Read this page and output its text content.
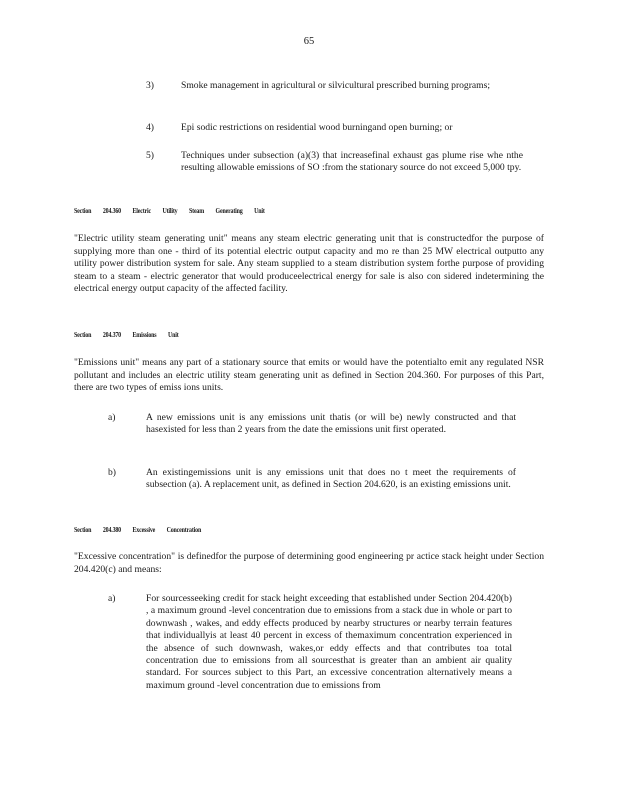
65
3)	Smoke management in agricultural or silvicultural prescribed burning programs;
4)	Epi sodic restrictions on residential wood burningand open burning; or
5)	Techniques under subsection (a)(3) that increasefinal exhaust gas plume rise whe nthe resulting allowable emissions of SO :from the stationary source do not exceed 5,000 tpy.
Section 204.360 Electric Utility Steam Generating Unit
"Electric utility steam generating unit" means any steam electric generating unit that is constructedfor the purpose of supplying more than one - third of its potential electric output capacity and mo re than 25 MW electrical outputto any utility power distribution system for sale. Any steam supplied to a steam distribution system forthe purpose of providing steam to a steam - electric generator that would produceelectrical energy for sale is also con sidered indetermining the electrical energy output capacity of the affected facility.
Section 204.370 Emissions Unit
"Emissions unit" means any part of a stationary source that emits or would have the potentialto emit any regulated NSR pollutant and includes an electric utility steam generating unit as defined in Section 204.360. For purposes of this Part, there are two types of emiss ions units.
a)	A new emissions unit is any emissions unit thatis (or will be) newly constructed and that hasexisted for less than 2 years from the date the emissions unit first operated.
b)	An existingemissions unit is any emissions unit that does no t meet the requirements of subsection (a). A replacement unit, as defined in Section 204.620, is an existing emissions unit.
Section 204.380 Excessive Concentration
"Excessive concentration" is definedfor the purpose of determining good engineering pr actice stack height under Section 204.420(c) and means:
a)	For sourcesseeking credit for stack height exceeding that established under Section 204.420(b) , a maximum ground -level concentration due to emissions from a stack due in whole or part to downwash , wakes, and eddy effects produced by nearby structures or nearby terrain features that individuallyis at least 40 percent in excess of themaximum concentration experienced in the absence of such downwash, wakes,or eddy effects and that contributes toa total concentration due to emissions from all sourcesthat is greater than an ambient air quality standard. For sources subject to this Part, an excessive concentration alternatively means a maximum ground -level concentration due to emissions from
